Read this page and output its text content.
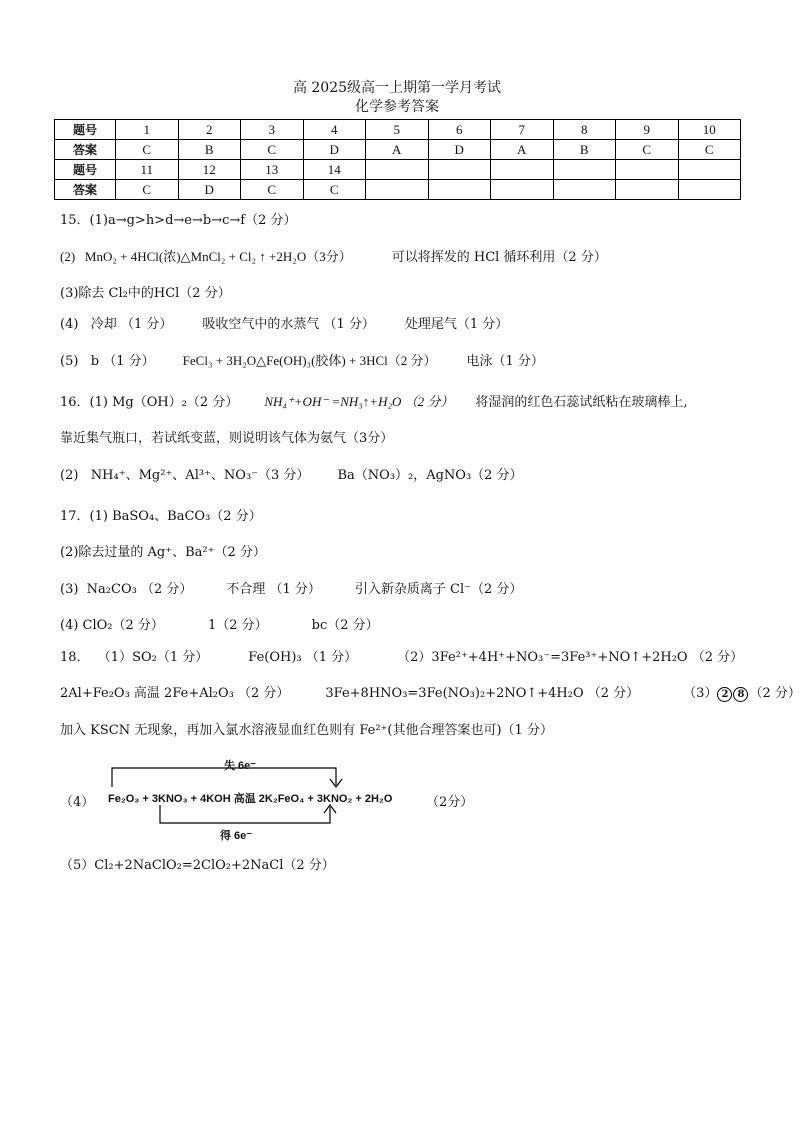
高 2025级高一上期第一学月考试
化学参考答案
题号	1	2	3	4	5	6	7	8	9	10
答案	C	B	C	D	A	D	A	B	C	C
题号	11	12	13	14						
答案	C	D	C	C						
15．(1)a→g>h>d→e→b→c→f（2 分）
(2)   MnO₂ + 4HCl(浓)△MnCl₂ + Cl₂ ↑ +2H₂O（3分）	可以将挥发的 HCl 循环利用（2 分）
(3)除去 Cl₂中的HCl（2 分）
(4)   冷却 （1 分） 吸收空气中的水蒸气 （1 分） 处理尾气（1 分）
(5)   b （1 分） FeCl₃ + 3H₂O△Fe(OH)₃(胶体) + 3HCl（2 分） 电泳（1 分）
16．(1) Mg（OH）₂（2 分） NH₄⁺+OH⁻ =NH₃↑+H₂O （2 分） 将湿润的红色石蕊试纸粘在玻璃棒上,
靠近集气瓶口，若试纸变蓝，则说明该气体为氨气（3分）
(2)   NH₄⁺、Mg²⁺、Al³⁺、NO₃⁻（3 分） Ba（NO₃）₂，AgNO₃（2 分）
17．(1) BaSO₄、BaCO₃（2 分）
(2)除去过量的 Ag⁺、Ba²⁺（2 分）
(3)  Na₂CO₃ （2 分）	不合理 （1 分）	引入新杂质离子 Cl⁻（2 分）
(4) ClO₂（2 分）	1（2 分）	bc（2 分）
18．  （1）SO₂（1 分）	Fe(OH)₃ （1 分）	（2）3Fe²⁺+4H⁺+NO₃⁻=3Fe³⁺+NO↑+2H₂O （2 分）
2Al+Fe₂O₃ 高温 2Fe+Al₂O₃ （2 分）	3Fe+8HNO₃=3Fe(NO₃)₂+2NO↑+4H₂O （2 分）	（3） 2 8 （2 分）
加入 KSCN 无现象，再加入氯水溶液显血红色则有 Fe²⁺(其他合理答案也可)（1 分）
失 6e⁻
（4） Fe₂O₃ + 3KNO₃ + 4KOH 高温 2K₂FeO₄ + 3KNO₂ + 2H₂O	（2分）
得 6e⁻
（5）Cl₂+2NaClO₂=2ClO₂+2NaCl（2 分）
